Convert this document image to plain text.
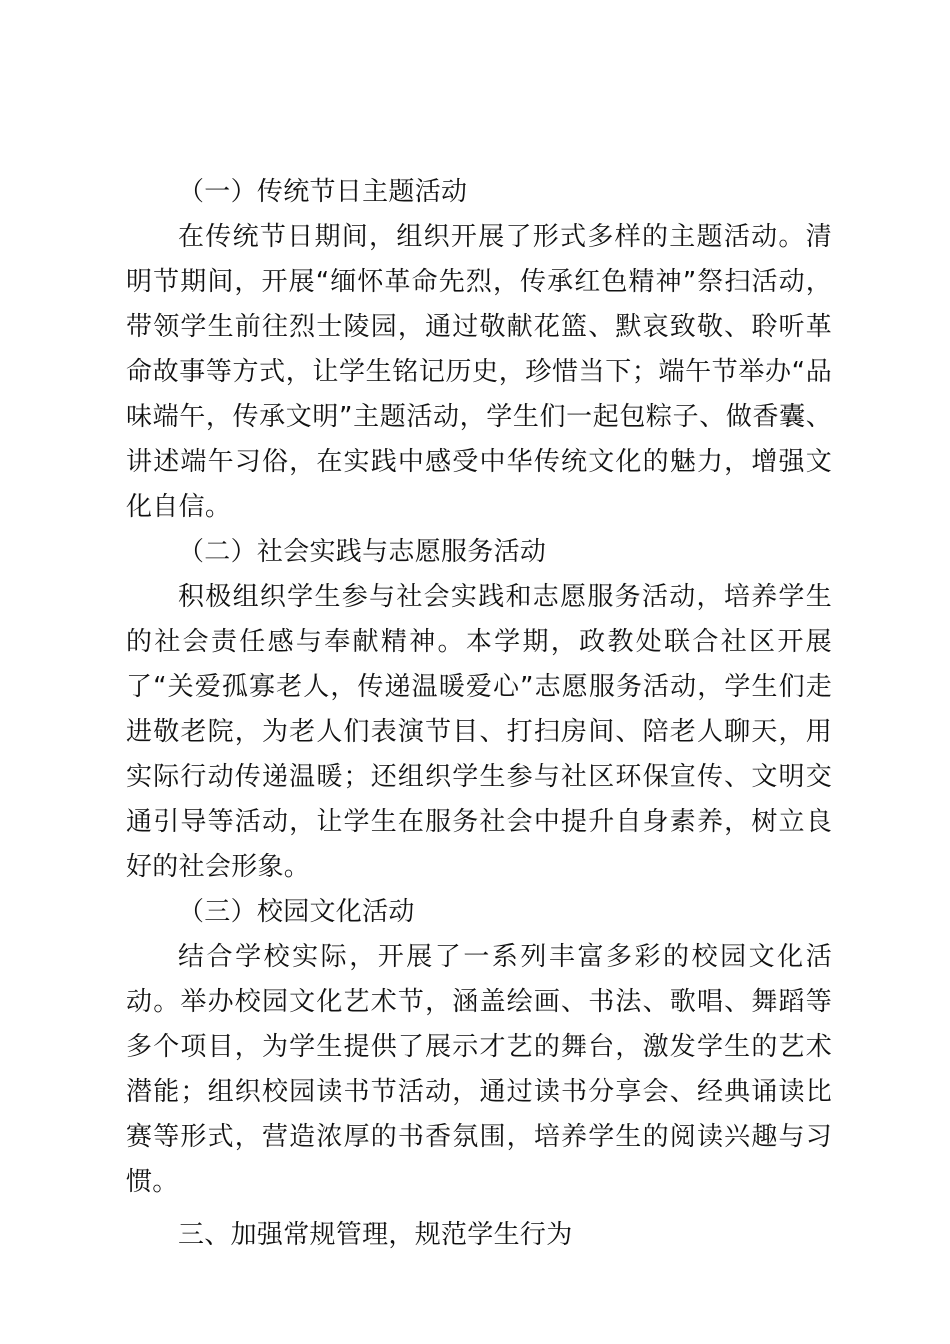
（一）传统节日主题活动

在传统节日期间，组织开展了形式多样的主题活动。清明节期间，开展“缅怀革命先烈，传承红色精神”祭扫活动，带领学生前往烈士陵园，通过敬献花篮、默哀致敬、聆听革命故事等方式，让学生铭记历史，珍惜当下；端午节举办“品味端午，传承文明”主题活动，学生们一起包粽子、做香囊、讲述端午习俗，在实践中感受中华传统文化的魅力，增强文化自信。

（二）社会实践与志愿服务活动

积极组织学生参与社会实践和志愿服务活动，培养学生的社会责任感与奉献精神。本学期，政教处联合社区开展了“关爱孤寡老人，传递温暖爱心”志愿服务活动，学生们走进敬老院，为老人们表演节目、打扫房间、陪老人聊天，用实际行动传递温暖；还组织学生参与社区环保宣传、文明交通引导等活动，让学生在服务社会中提升自身素养，树立良好的社会形象。

（三）校园文化活动

结合学校实际，开展了一系列丰富多彩的校园文化活动。举办校园文化艺术节，涵盖绘画、书法、歌唱、舞蹈等多个项目，为学生提供了展示才艺的舞台，激发学生的艺术潜能；组织校园读书节活动，通过读书分享会、经典诵读比赛等形式，营造浓厚的书香氛围，培养学生的阅读兴趣与习惯。

三、加强常规管理，规范学生行为
